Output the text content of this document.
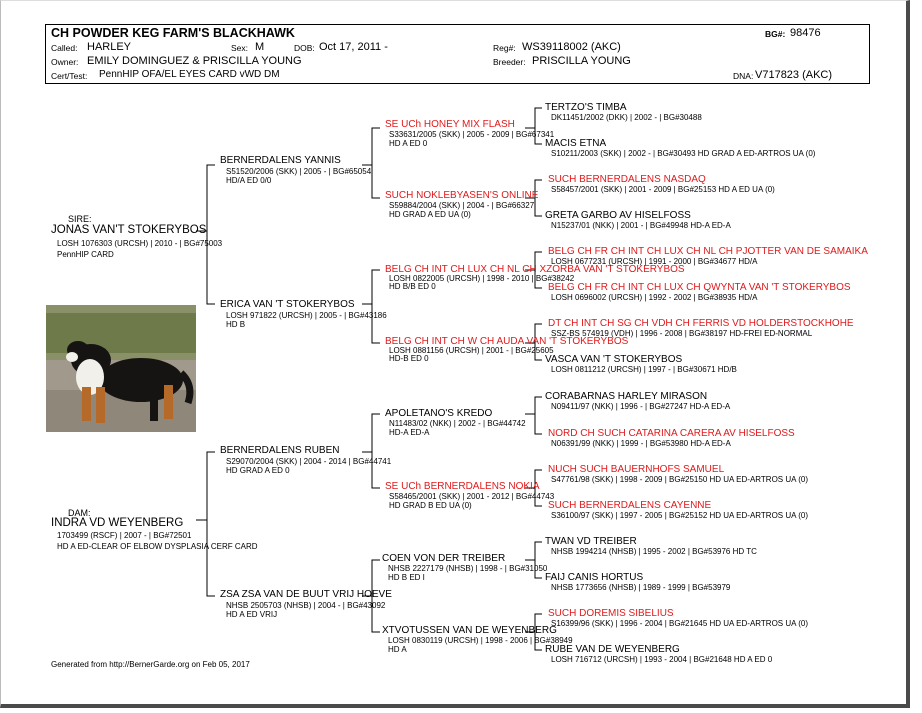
CH POWDER KEG FARM'S BLACKHAWK	BG#: 98476
Called: HARLEY	Sex: M	DOB: Oct 17, 2011 -	Reg#: WS39118002 (AKC)
Owner: EMILY DOMINGUEZ & PRISCILLA YOUNG	Breeder: PRISCILLA YOUNG
Cert/Test: PennHIP OFA/EL EYES CARD vWD DM	DNA: V717823 (AKC)
SIRE:
JONAS VAN'T STOKERYBOS
LOSH 1076303 (URCSH) | 2010 - | BG#75003
PennHIP CARD
DAM:
INDRA VD WEYENBERG
1703499 (RSCF) | 2007 - | BG#72501
HD A ED-CLEAR OF ELBOW DYSPLASIA CERF CARD
BERNERDALENS YANNIS
S51520/2006 (SKK) | 2005 - | BG#65054
HD/A ED 0/0
ERICA VAN 'T STOKERYBOS
LOSH 971822 (URCSH) | 2005 - | BG#43186
HD B
BERNERDALENS RUBEN
S29070/2004 (SKK) | 2004 - 2014 | BG#44741
HD GRAD A ED 0
ZSA ZSA VAN DE BUUT VRIJ HOEVE
NHSB 2505703 (NHSB) | 2004 - | BG#43092
HD A ED VRIJ
SE UCh HONEY MIX FLASH
S33631/2005 (SKK) | 2005 - 2009 | BG#67341
HD A ED 0
SUCH NOKLEBYASEN'S ONLINE
S59884/2004 (SKK) | 2004 - | BG#66327
HD GRAD A ED UA (0)
BELG CH INT CH LUX CH NL CH XZORBA VAN 'T STOKERYBOS
LOSH 0822005 (URCSH) | 1998 - 2010 | BG#38242
HD B/B ED 0
BELG CH INT CH W CH AUDA VAN 'T STOKERYBOS
LOSH 0881156 (URCSH) | 2001 - | BG#25605
HD-B ED 0
APOLETANO'S KREDO
N11483/02 (NKK) | 2002 - | BG#44742
HD-A ED-A
SE UCh BERNERDALENS NOKIA
S58465/2001 (SKK) | 2001 - 2012 | BG#44743
HD GRAD B ED UA (0)
COEN VON DER TREIBER
NHSB 2227179 (NHSB) | 1998 - | BG#31050
HD B ED I
XTVOTUSSEN VAN DE WEYENBERG
LOSH 0830119 (URCSH) | 1998 - 2006 | BG#38949
HD A
TERTZO'S TIMBA
DK11451/2002 (DKK) | 2002 - | BG#30488
MACIS ETNA
S10211/2003 (SKK) | 2002 - | BG#30493 HD GRAD A ED-ARTROS UA (0)
SUCH BERNERDALENS NASDAQ
S58457/2001 (SKK) | 2001 - 2009 | BG#25153 HD A ED UA (0)
GRETA GARBO AV HISELFOSS
N15237/01 (NKK) | 2001 - | BG#49948 HD-A ED-A
BELG CH FR CH INT CH LUX CH NL CH PJOTTER VAN DE SAMAIKA
LOSH 0677231 (URCSH) | 1991 - 2000 | BG#34677 HD/A
BELG CH FR CH INT CH LUX CH QWYNTA VAN 'T STOKERYBOS
LOSH 0696002 (URCSH) | 1992 - 2002 | BG#38935 HD/A
DT CH INT CH SG CH VDH CH FERRIS VD HOLDERSTOCKHOHE
SSZ-BS 574919 (VDH) | 1996 - 2008 | BG#38197 HD-FREI ED-NORMAL
VASCA VAN 'T STOKERYBOS
LOSH 0811212 (URCSH) | 1997 - | BG#30671 HD/B
CORABARNAS HARLEY MIRASON
N09411/97 (NKK) | 1996 - | BG#27247 HD-A ED-A
NORD CH SUCH CATARINA CARERA AV HISELFOSS
N06391/99 (NKK) | 1999 - | BG#53980 HD-A ED-A
NUCH SUCH BAUERNHOFS SAMUEL
S47761/98 (SKK) | 1998 - 2009 | BG#25150 HD UA ED-ARTROS UA (0)
SUCH BERNERDALENS CAYENNE
S36100/97 (SKK) | 1997 - 2005 | BG#25152 HD UA ED-ARTROS UA (0)
TWAN VD TREIBER
NHSB 1994214 (NHSB) | 1995 - 2002 | BG#53976 HD TC
FAIJ CANIS HORTUS
NHSB 1773656 (NHSB) | 1989 - 1999 | BG#53979
SUCH DOREMIS SIBELIUS
S16399/96 (SKK) | 1996 - 2004 | BG#21645 HD UA ED-ARTROS UA (0)
RUBE VAN DE WEYENBERG
LOSH 716712 (URCSH) | 1993 - 2004 | BG#21648 HD A ED 0
Generated from http://BernerGarde.org on Feb 05, 2017
